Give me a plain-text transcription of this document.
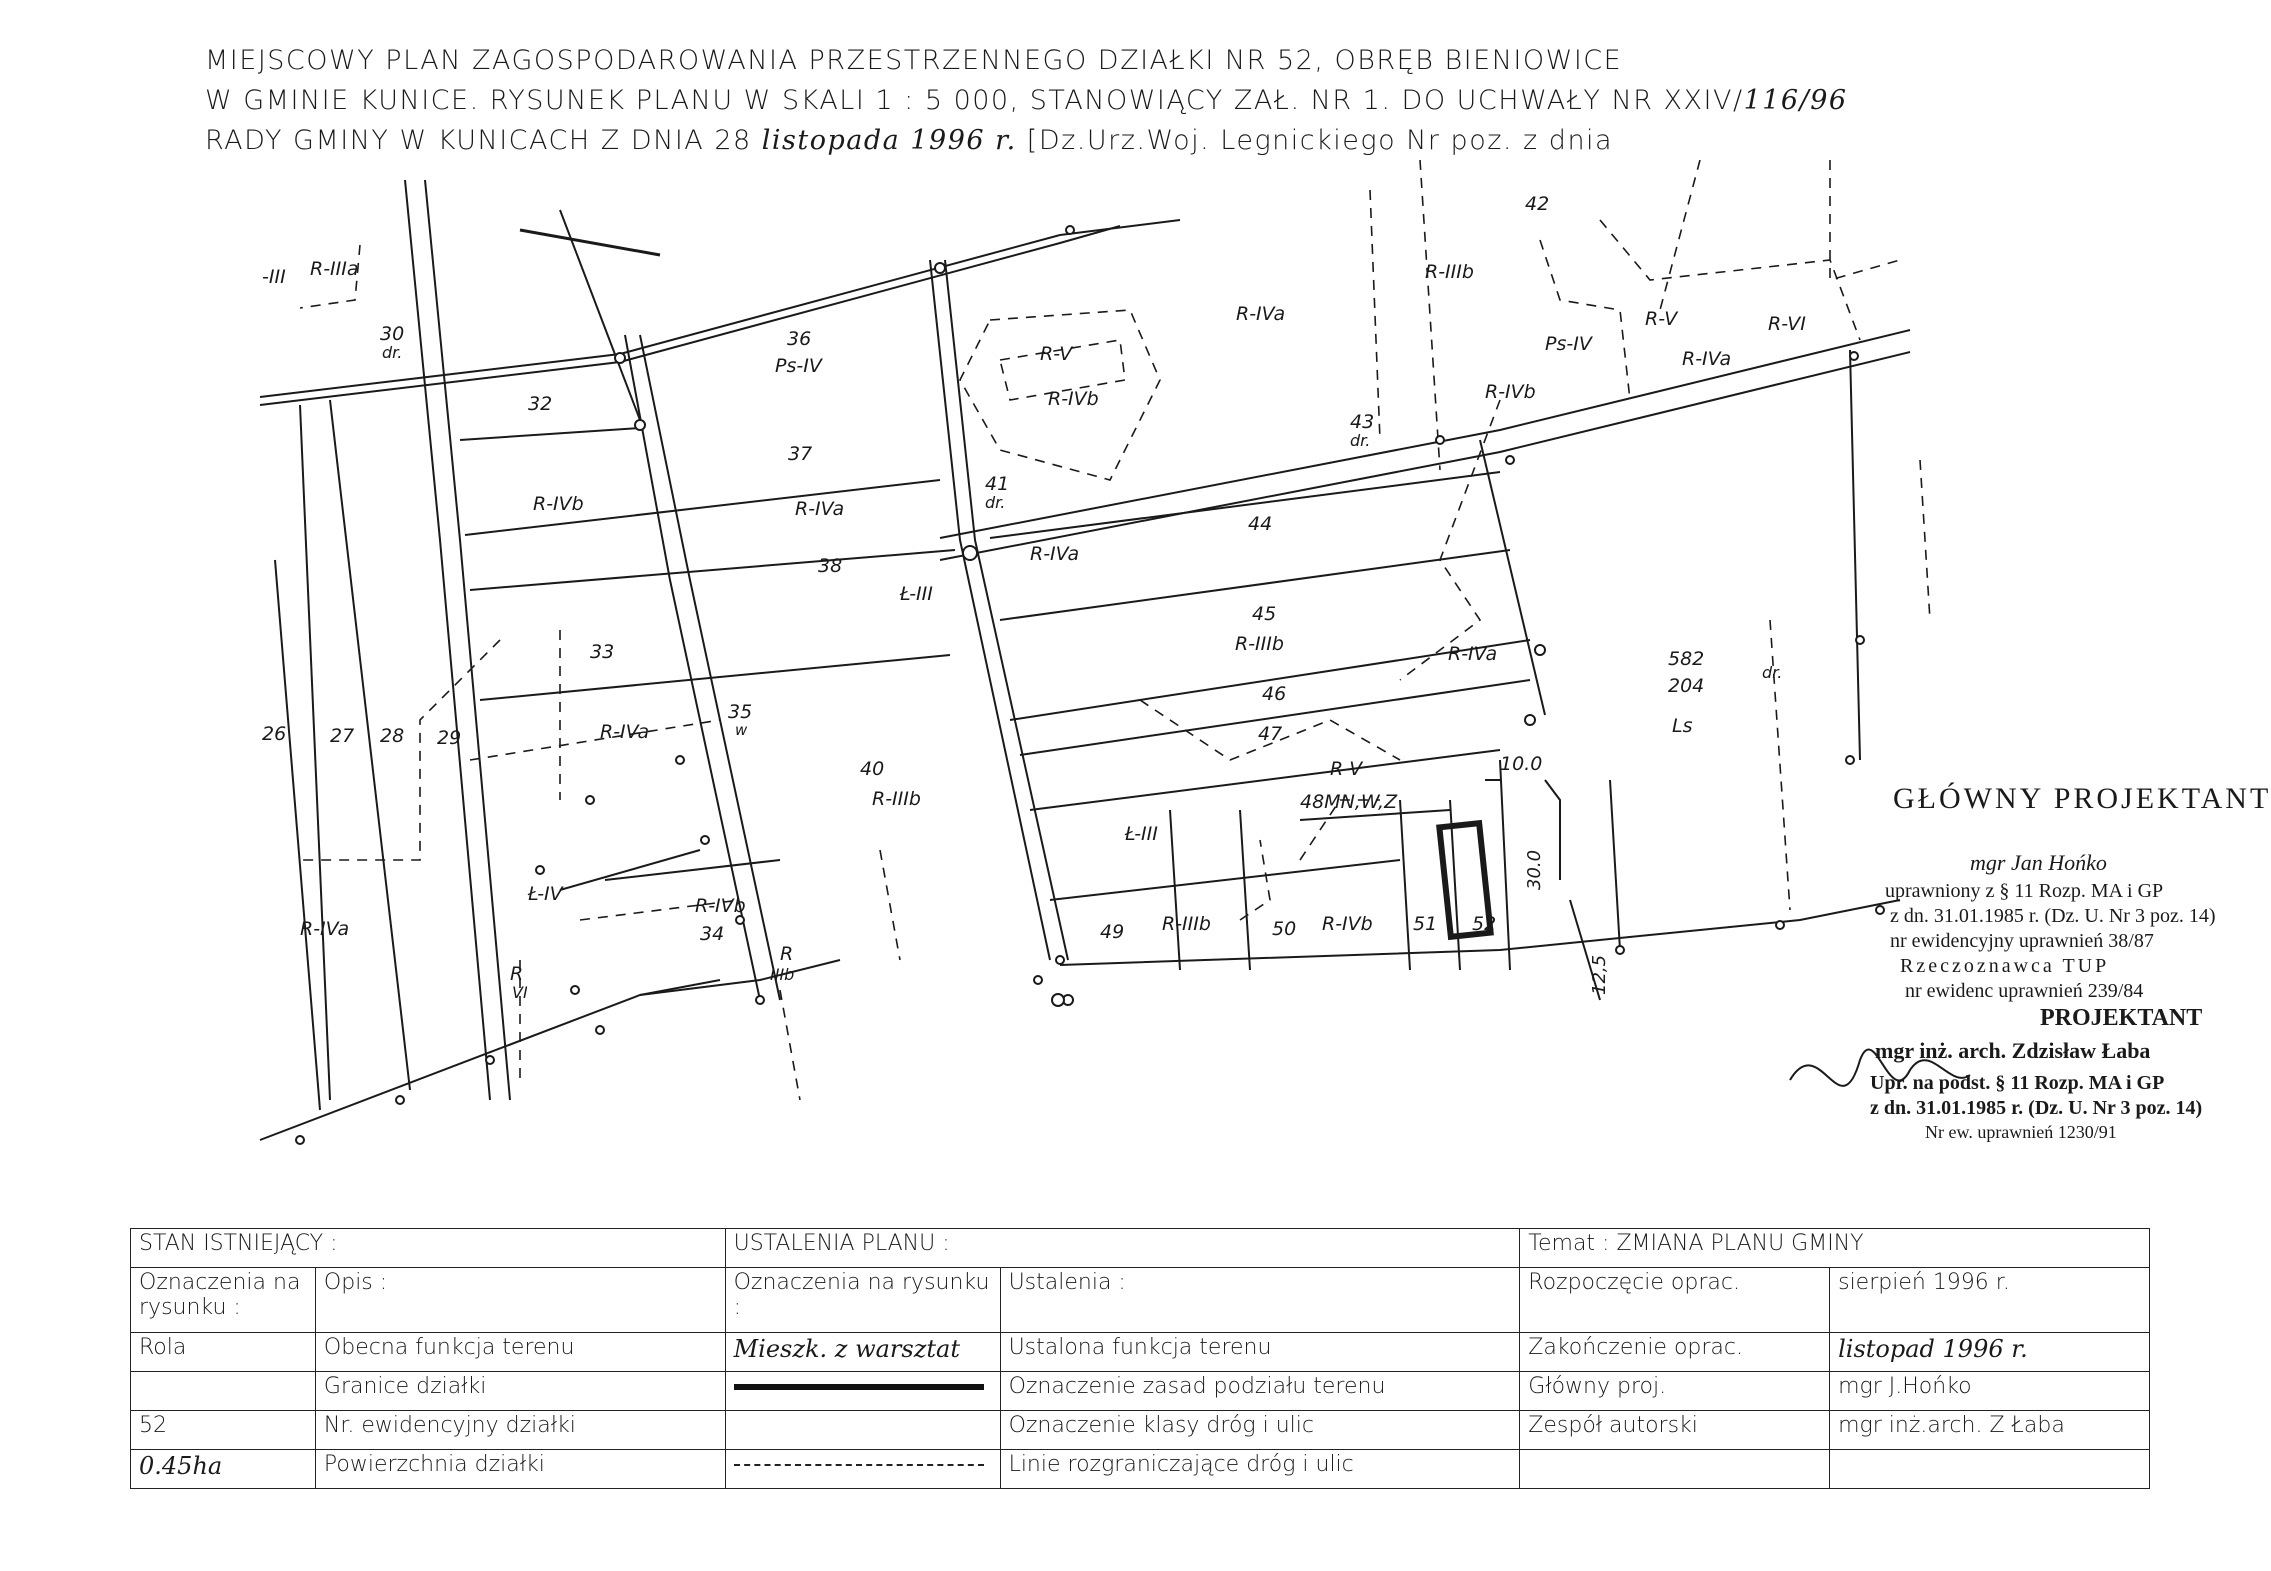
MIEJSCOWY PLAN ZAGOSPODAROWANIA PRZESTRZENNEGO DZIAŁKI NR 52, OBRĘB BIENIOWICE
W GMINIE KUNICE. RYSUNEK PLANU W SKALI 1 : 5 000, STANOWIĄCY ZAŁ. NR 1. DO UCHWAŁY NR XXIV/116/96
RADY GMINY W KUNICACH Z DNIA 28 listopada 1996 r. [Dz.Urz.Woj. Legnickiego Nr poz. z dnia
30
dr.
32
36
Ps-IV
37
R-IVa
38
33
34
R-IVb
26 27 28 29
40
R-IIIb
41
dr.
43
dr.
42
44
45
R-IIIb
46
47
48MN,W,Z
49	50	51 52
35
w
582
204
Ls
dr.
R-IIIa
-III
R-IVb
R-IVa
R-IVa
R-IVa
R-IVa
R-IVa
R-V
R-IVb
R-IIIb
R-IIIb	R-IVb
R-IVb
Ps-IV
R-V	R-VI
R-IVa
R-V
Ł-III
Ł-III
Ł-IV
R
IIIb
R
VI
10.0
30.0
12,5
GŁÓWNY PROJEKTANT
mgr Jan Hońko
uprawniony z § 11 Rozp. MA i GP
z dn. 31.01.1985 r. (Dz. U. Nr 3 poz. 14)
nr ewidencyjny uprawnień 38/87
Rzeczoznawca TUP
nr ewidenc uprawnień 239/84
PROJEKTANT
mgr inż. arch. Zdzisław Łaba
Upr. na podst. § 11 Rozp. MA i GP
z dn. 31.01.1985 r. (Dz. U. Nr 3 poz. 14)
Nr ew. uprawnień 1230/91
STAN ISTNIEJĄCY :		USTALENIA PLANU :		Temat : ZMIANA PLANU GMINY	
Oznaczenia na rysunku :	Opis :	Oznaczenia na rysunku :	Ustalenia :	Rozpoczęcie oprac.	sierpień 1996 r.
Rola	Obecna funkcja terenu	Mieszk. z warsztat	Ustalona funkcja terenu	Zakończenie oprac.	listopad 1996 r.
	Granice działki		Oznaczenie zasad podziału terenu	Główny proj.	mgr J.Hońko
52	Nr. ewidencyjny działki		Oznaczenie klasy dróg i ulic	Zespół autorski	mgr inż.arch. Z Łaba
0.45ha	Powierzchnia działki		Linie rozgraniczające dróg i ulic		
